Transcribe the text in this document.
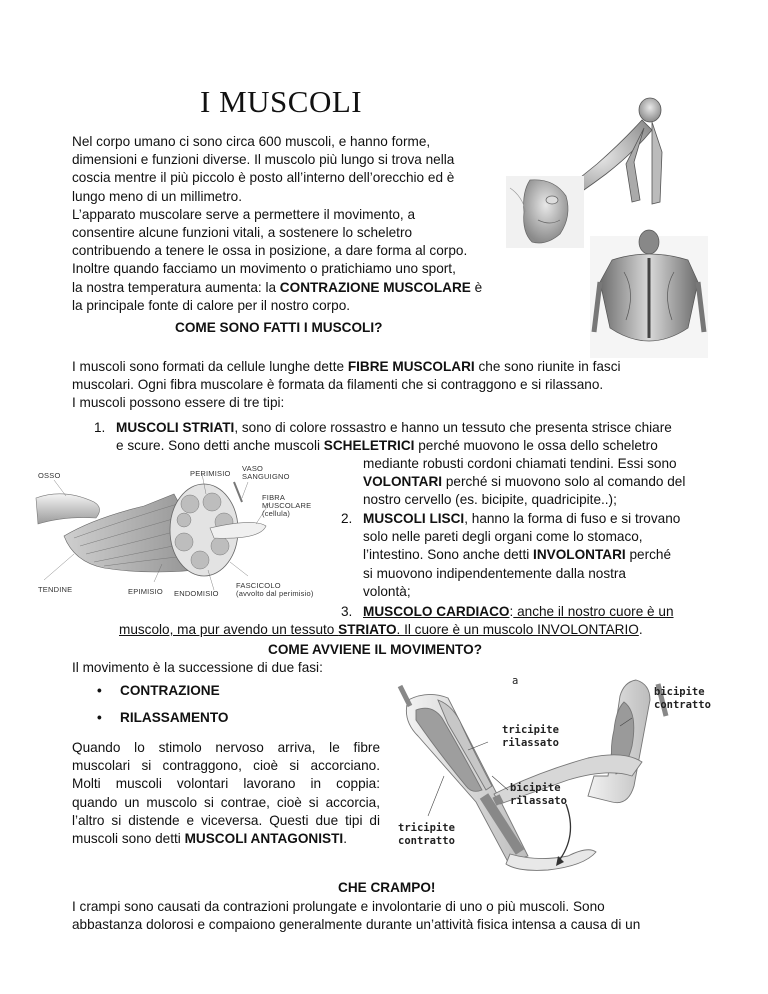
I MUSCOLI
Nel corpo umano ci sono circa 600 muscoli, e hanno forme,
dimensioni e funzioni diverse. Il muscolo più lungo si trova nella
coscia mentre il più piccolo è posto all’interno dell’orecchio ed è
lungo meno di un millimetro.
L’apparato muscolare serve a permettere il movimento, a
consentire alcune funzioni vitali, a sostenere lo scheletro
contribuendo a tenere le ossa in posizione, a dare forma al corpo.
Inoltre quando facciamo un movimento o pratichiamo uno sport,
la nostra temperatura aumenta: la CONTRAZIONE MUSCOLARE è
la principale fonte di calore per il nostro corpo.
COME SONO FATTI I MUSCOLI?
I muscoli sono formati da cellule lunghe dette FIBRE MUSCOLARI che sono riunite in fasci
muscolari. Ogni fibra muscolare è formata da filamenti che si contraggono e si rilassano.
I muscoli possono essere di tre tipi:
1. MUSCOLI STRIATI, sono di colore rossastro e hanno un tessuto che presenta strisce chiare
e scure. Sono detti anche muscoli SCHELETRICI perché muovono le ossa dello scheletro
mediante robusti cordoni chiamati tendini. Essi sono
VOLONTARI perché si muovono solo al comando del
nostro cervello (es. bicipite, quadricipite..);
2. MUSCOLI LISCI, hanno la forma di fuso e si trovano
solo nelle pareti degli organi come lo stomaco,
l’intestino. Sono anche detti INVOLONTARI perché
si muovono indipendentemente dalla nostra
volontà;
OSSO	PERIMISIO
VASO
SANGUIGNO
FIBRA
MUSCOLARE
(cellula)
TENDINE	EPIMISIO ENDOMISIO
FASCICOLO
(avvolto dal perimisio)
3. MUSCOLO CARDIACO: anche il nostro cuore è un
muscolo, ma pur avendo un tessuto STRIATO. Il cuore è un muscolo INVOLONTARIO.
COME AVVIENE IL MOVIMENTO?
Il movimento è la successione di due fasi:
• CONTRAZIONE
• RILASSAMENTO
Quando lo stimolo nervoso arriva, le fibre
muscolari si contraggono, cioè si accorciano.
Molti muscoli volontari lavorano in coppia:
quando un muscolo si contrae, cioè si accorcia,
l’altro si distende e viceversa. Questi due tipi di
muscoli sono detti MUSCOLI ANTAGONISTI.
a
bicipite
contratto
tricipite
rilassato
bicipite
rilassato
tricipite
contratto
CHE CRAMPO!
I crampi sono causati da contrazioni prolungate e involontarie di uno o più muscoli. Sono
abbastanza dolorosi e compaiono generalmente durante un’attività fisica intensa a causa di un
